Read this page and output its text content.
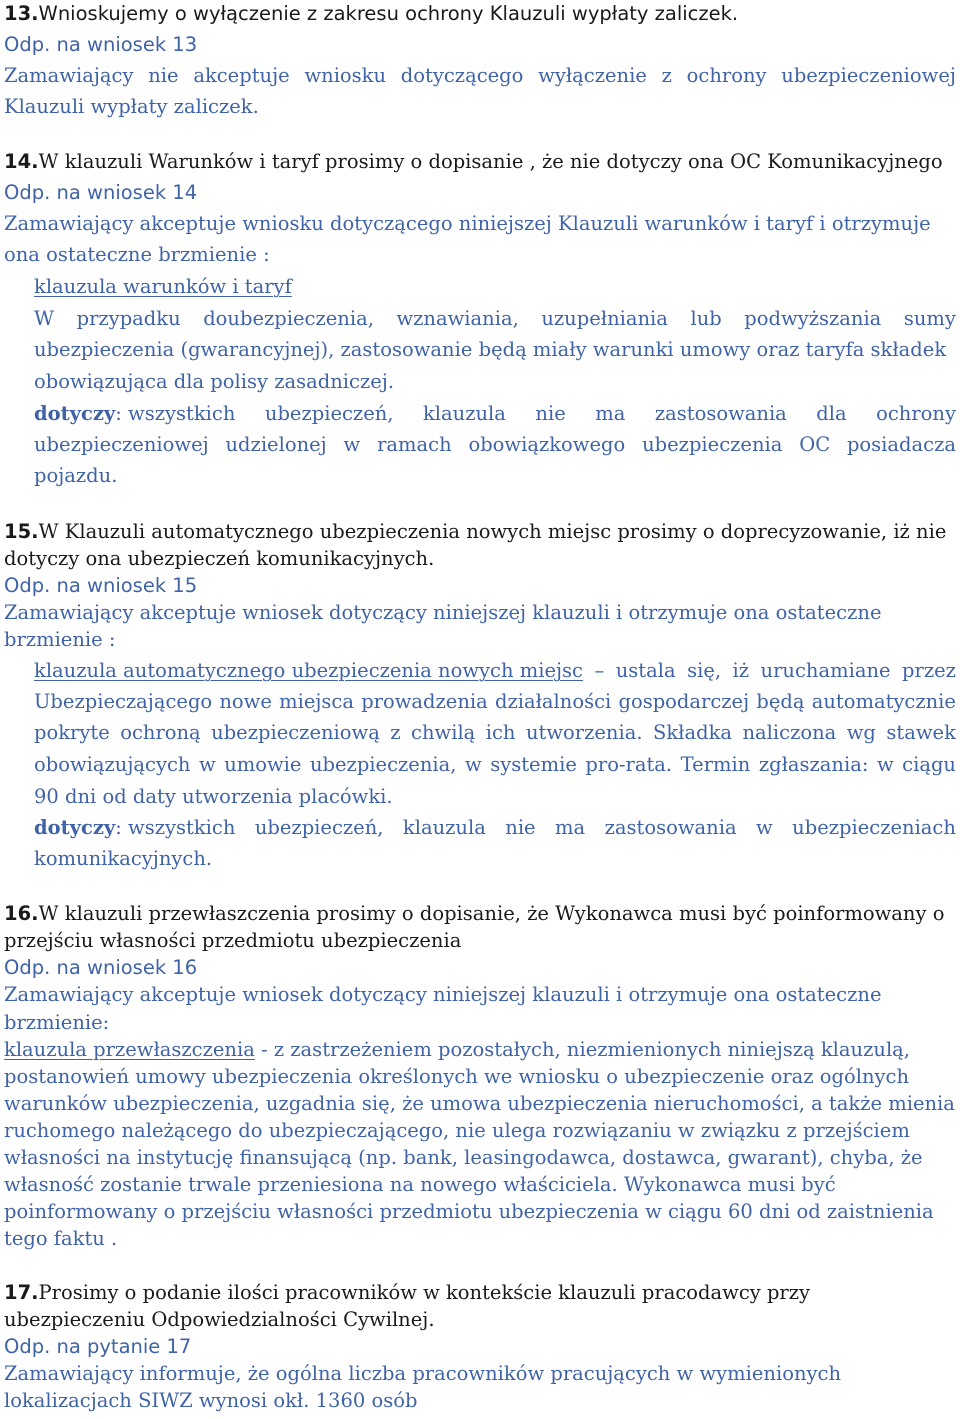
13.Wnioskujemy o wyłączenie z zakresu ochrony Klauzuli wypłaty zaliczek.
Odp. na wniosek 13
Zamawiający nie akceptuje wniosku dotyczącego wyłączenie z ochrony ubezpieczeniowej
Klauzuli wypłaty zaliczek.
14.W klauzuli Warunków i taryf prosimy o dopisanie , że nie dotyczy ona OC Komunikacyjnego
Odp. na wniosek 14
Zamawiający akceptuje wniosku dotyczącego niniejszej Klauzuli warunków i taryf i otrzymuje
ona ostateczne brzmienie :
klauzula warunków i taryf
W przypadku doubezpieczenia, wznawiania, uzupełniania lub podwyższania sumy
ubezpieczenia (gwarancyjnej), zastosowanie będą miały warunki umowy oraz taryfa składek
obowiązująca dla polisy zasadniczej.
dotyczy: wszystkich ubezpieczeń, klauzula nie ma zastosowania dla ochrony
ubezpieczeniowej udzielonej w ramach obowiązkowego ubezpieczenia OC posiadacza
pojazdu.
15.W Klauzuli automatycznego ubezpieczenia nowych miejsc prosimy o doprecyzowanie, iż nie
dotyczy ona ubezpieczeń komunikacyjnych.
Odp. na wniosek 15
Zamawiający akceptuje wniosek dotyczący niniejszej klauzuli i otrzymuje ona ostateczne
brzmienie :
klauzula automatycznego ubezpieczenia nowych miejsc – ustala się, iż uruchamiane przez
Ubezpieczającego nowe miejsca prowadzenia działalności gospodarczej będą automatycznie
pokryte ochroną ubezpieczeniową z chwilą ich utworzenia. Składka naliczona wg stawek
obowiązujących w umowie ubezpieczenia, w systemie pro-rata. Termin zgłaszania: w ciągu
90 dni od daty utworzenia placówki.
dotyczy: wszystkich ubezpieczeń, klauzula nie ma zastosowania w ubezpieczeniach
komunikacyjnych.
16.W klauzuli przewłaszczenia prosimy o dopisanie, że Wykonawca musi być poinformowany o
przejściu własności przedmiotu ubezpieczenia
Odp. na wniosek 16
Zamawiający akceptuje wniosek dotyczący niniejszej klauzuli i otrzymuje ona ostateczne
brzmienie:
klauzula przewłaszczenia - z zastrzeżeniem pozostałych, niezmienionych niniejszą klauzulą,
postanowień umowy ubezpieczenia określonych we wniosku o ubezpieczenie oraz ogólnych
warunków ubezpieczenia, uzgadnia się, że umowa ubezpieczenia nieruchomości, a także mienia
ruchomego należącego do ubezpieczającego, nie ulega rozwiązaniu w związku z przejściem
własności na instytucję finansującą (np. bank, leasingodawca, dostawca, gwarant), chyba, że
własność zostanie trwale przeniesiona na nowego właściciela. Wykonawca musi być
poinformowany o przejściu własności przedmiotu ubezpieczenia w ciągu 60 dni od zaistnienia
tego faktu .
17.Prosimy o podanie ilości pracowników w kontekście klauzuli pracodawcy przy
ubezpieczeniu Odpowiedzialności Cywilnej.
Odp. na pytanie 17
Zamawiający informuje, że ogólna liczba pracowników pracujących w wymienionych
lokalizacjach SIWZ wynosi okł. 1360 osób
